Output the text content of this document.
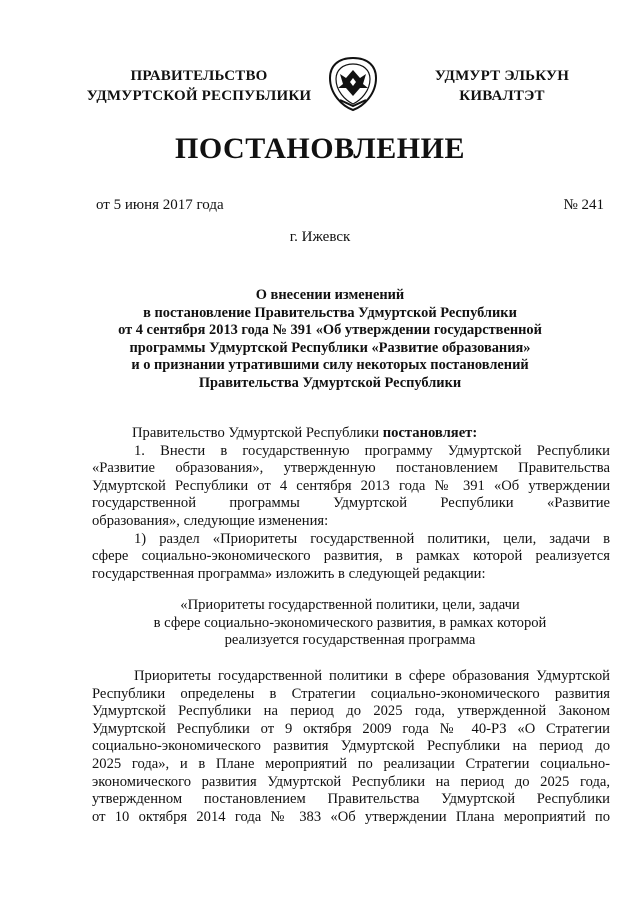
ПРАВИТЕЛЬСТВО
УДМУРТСКОЙ РЕСПУБЛИКИ
УДМУРТ ЭЛЬКУН
КИВАЛТЭТ
ПОСТАНОВЛЕНИЕ
от 5 июня 2017 года	№ 241
г. Ижевск
О внесении изменений
в постановление Правительства Удмуртской Республики
от 4 сентября 2013 года № 391 «Об утверждении государственной
программы Удмуртской Республики «Развитие образования»
и о признании утратившими силу некоторых постановлений
Правительства Удмуртской Республики
Правительство Удмуртской Республики постановляет:
1. Внести в государственную программу Удмуртской Республики
«Развитие образования», утвержденную постановлением Правительства
Удмуртской Республики от 4 сентября 2013 года № 391 «Об утверждении
государственной программы Удмуртской Республики «Развитие
образования», следующие изменения:
1) раздел «Приоритеты государственной политики, цели, задачи в
сфере социально-экономического развития, в рамках которой реализуется
государственная программа» изложить в следующей редакции:
«Приоритеты государственной политики, цели, задачи
в сфере социально-экономического развития, в рамках которой
реализуется государственная программа
Приоритеты государственной политики в сфере образования Удмуртской
Республики определены в Стратегии социально-экономического развития
Удмуртской Республики на период до 2025 года, утвержденной Законом
Удмуртской Республики от 9 октября 2009 года № 40-РЗ «О Стратегии
социально-экономического развития Удмуртской Республики на период до
2025 года», и в Плане мероприятий по реализации Стратегии социально-
экономического развития Удмуртской Республики на период до 2025 года,
утвержденном постановлением Правительства Удмуртской Республики
от 10 октября 2014 года № 383 «Об утверждении Плана мероприятий по
